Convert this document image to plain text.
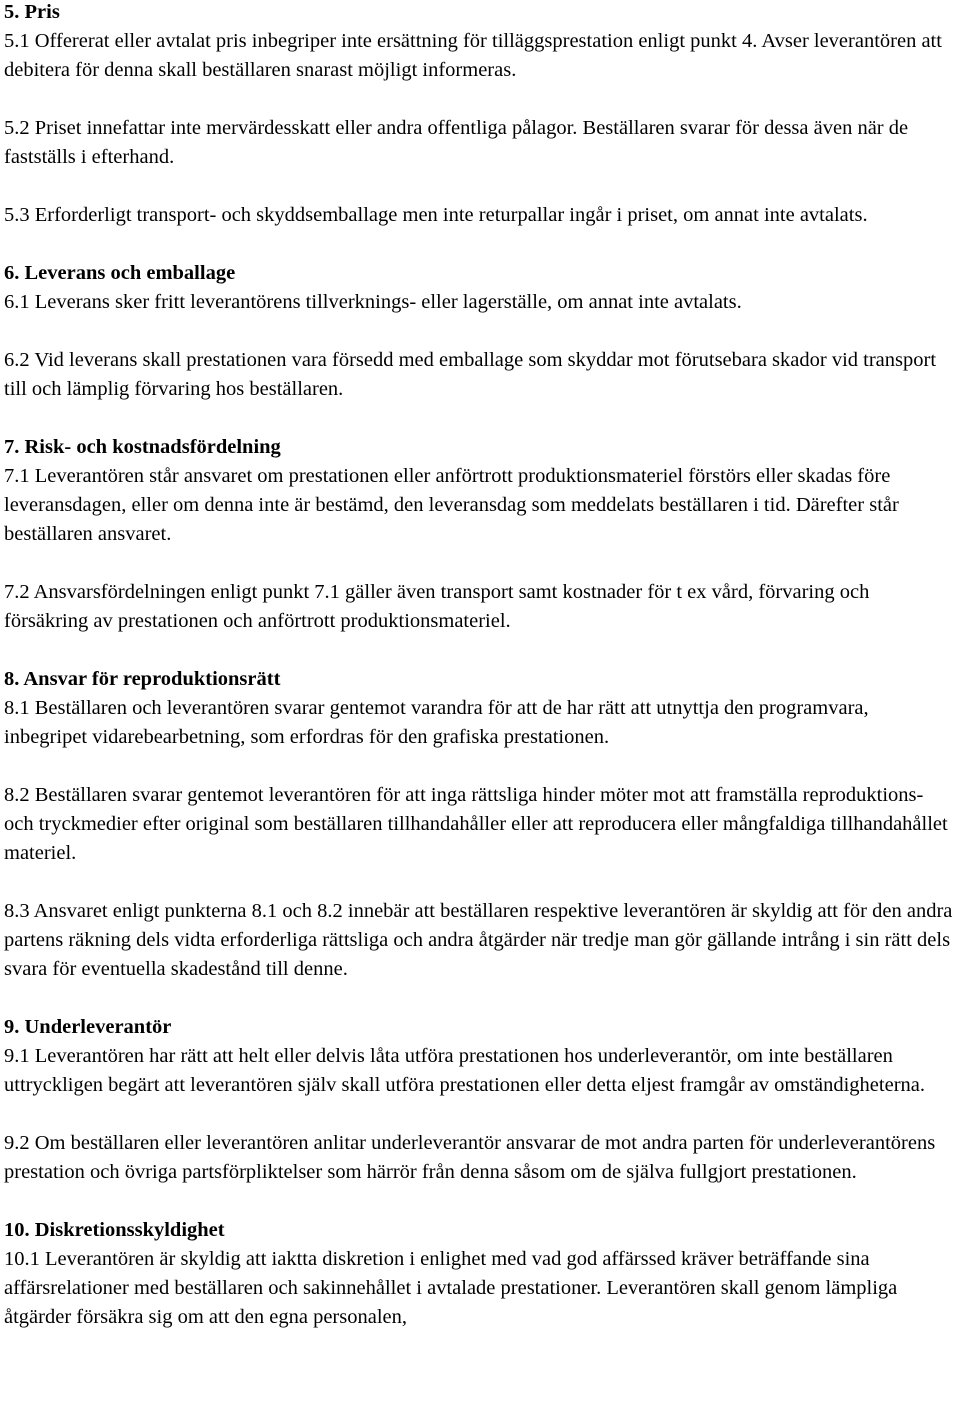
5. Pris

5.1 Offererat eller avtalat pris inbegriper inte ersättning för tilläggsprestation enligt punkt 4. Avser leverantören att debitera för denna skall beställaren snarast möjligt informeras.

5.2 Priset innefattar inte mervärdesskatt eller andra offentliga pålagor. Beställaren svarar för dessa även när de fastställs i efterhand.

5.3 Erforderligt transport- och skyddsemballage men inte returpallar ingår i priset, om annat inte avtalats.

6. Leverans och emballage

6.1 Leverans sker fritt leverantörens tillverknings- eller lagerställe, om annat inte avtalats.

6.2 Vid leverans skall prestationen vara försedd med emballage som skyddar mot förutsebara skador vid transport till och lämplig förvaring hos beställaren.

7. Risk- och kostnadsfördelning

7.1 Leverantören står ansvaret om prestationen eller anförtrott produktionsmateriel förstörs eller skadas före leveransdagen, eller om denna inte är bestämd, den leveransdag som meddelats beställaren i tid. Därefter står beställaren ansvaret.

7.2 Ansvarsfördelningen enligt punkt 7.1 gäller även transport samt kostnader för t ex vård, förvaring och försäkring av prestationen och anförtrott produktionsmateriel.

8. Ansvar för reproduktionsrätt

8.1 Beställaren och leverantören svarar gentemot varandra för att de har rätt att utnyttja den programvara, inbegripet vidarebearbetning, som erfordras för den grafiska prestationen.

8.2 Beställaren svarar gentemot leverantören för att inga rättsliga hinder möter mot att framställa reproduktions- och tryckmedier efter original som beställaren tillhandahåller eller att reproducera eller mångfaldiga tillhandahållet materiel.

8.3 Ansvaret enligt punkterna 8.1 och 8.2 innebär att beställaren respektive leverantören är skyldig att för den andra partens räkning dels vidta erforderliga rättsliga och andra åtgärder när tredje man gör gällande intrång i sin rätt dels svara för eventuella skadestånd till denne.

9. Underleverantör

9.1 Leverantören har rätt att helt eller delvis låta utföra prestationen hos underleverantör, om inte beställaren uttryckligen begärt att leverantören själv skall utföra prestationen eller detta eljest framgår av omständigheterna.

9.2 Om beställaren eller leverantören anlitar underleverantör ansvarar de mot andra parten för underleverantörens prestation och övriga partsförpliktelser som härrör från denna såsom om de själva fullgjort prestationen.

10. Diskretionsskyldighet

10.1 Leverantören är skyldig att iaktta diskretion i enlighet med vad god affärssed kräver beträffande sina affärsrelationer med beställaren och sakinnehållet i avtalade prestationer. Leverantören skall genom lämpliga åtgärder försäkra sig om att den egna personalen,
